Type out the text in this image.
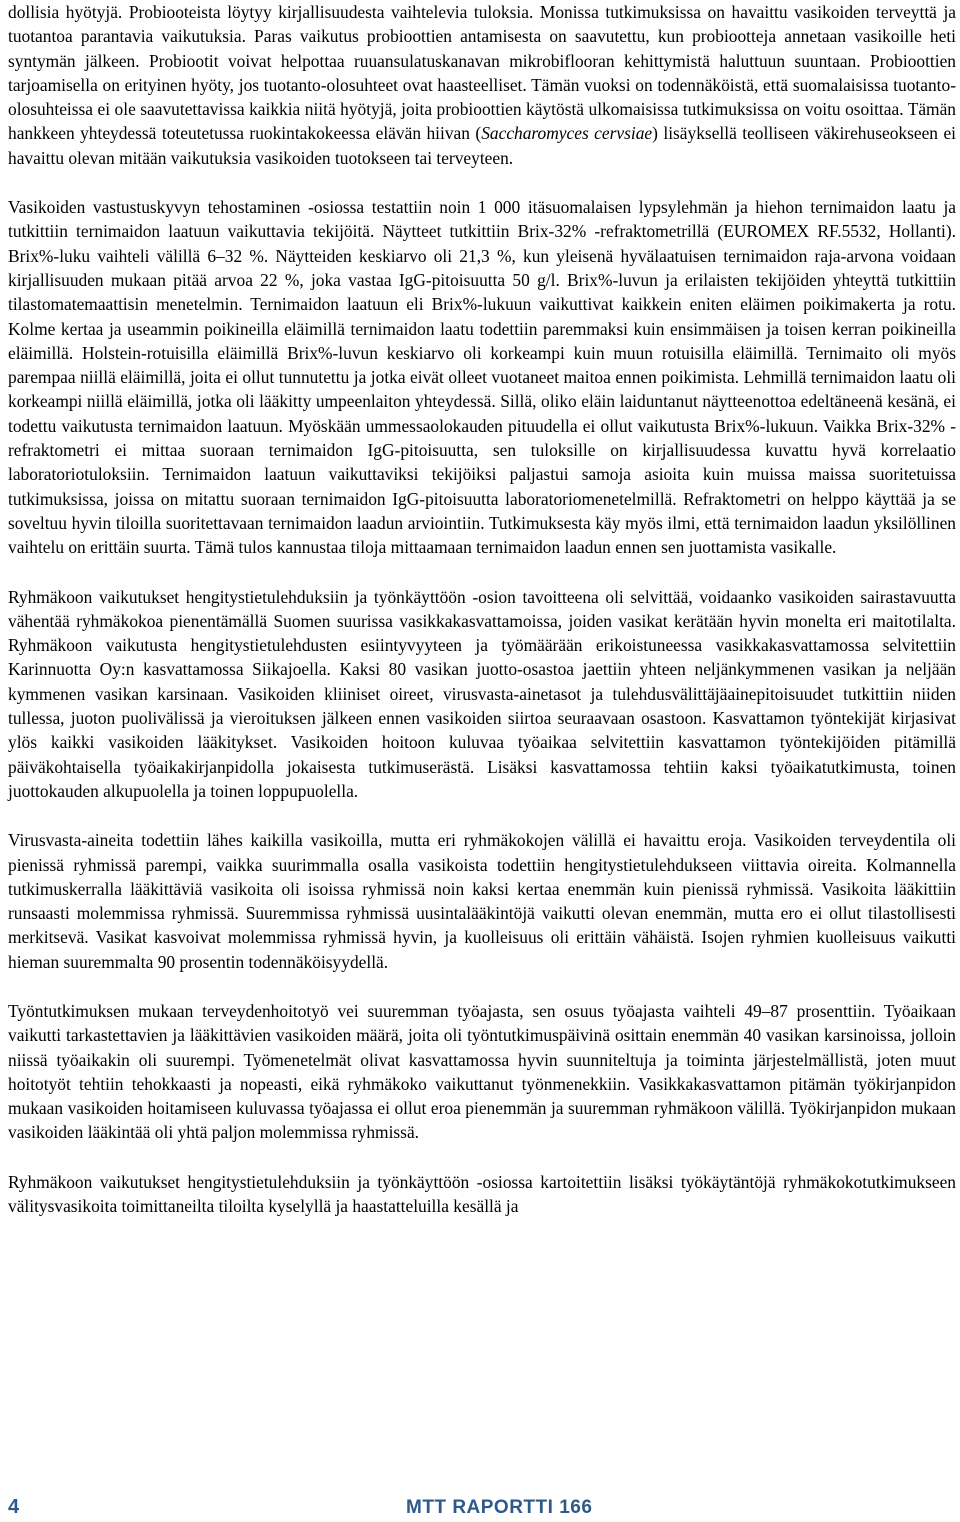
dollisia hyötyjä. Probiooteista löytyy kirjallisuudesta vaihtelevia tuloksia. Monissa tutkimuksissa on havaittu vasikoiden terveyttä ja tuotantoa parantavia vaikutuksia. Paras vaikutus probioottien antamisesta on saavutettu, kun probiootteja annetaan vasikoille heti syntymän jälkeen. Probiootit voivat helpottaa ruuansulatuskanavan mikrobiflooran kehittymistä haluttuun suuntaan. Probioottien tarjoamisella on erityinen hyöty, jos tuotanto-olosuhteet ovat haasteelliset. Tämän vuoksi on todennäköistä, että suomalaisissa tuotanto-olosuhteissa ei ole saavutettavissa kaikkia niitä hyötyjä, joita probioottien käytöstä ulkomaisissa tutkimuksissa on voitu osoittaa. Tämän hankkeen yhteydessä toteutetussa ruokintakokeessa elävän hiivan (Saccharomyces cervsiae) lisäyksellä teolliseen väkirehuseokseen ei havaittu olevan mitään vaikutuksia vasikoiden tuotokseen tai terveyteen.

Vasikoiden vastustuskyvyn tehostaminen -osiossa testattiin noin 1 000 itäsuomalaisen lypsylehmän ja hiehon ternimaidon laatu ja tutkittiin ternimaidon laatuun vaikuttavia tekijöitä. Näytteet tutkittiin Brix-32% -refraktometrillä (EUROMEX RF.5532, Hollanti). Brix%-luku vaihteli välillä 6–32 %. Näytteiden keskiarvo oli 21,3 %, kun yleisenä hyvälaatuisen ternimaidon raja-arvona voidaan kirjallisuuden mukaan pitää arvoa 22 %, joka vastaa IgG-pitoisuutta 50 g/l. Brix%-luvun ja erilaisten tekijöiden yhteyttä tutkittiin tilastomatemaattisin menetelmin. Ternimaidon laatuun eli Brix%-lukuun vaikuttivat kaikkein eniten eläimen poikimakerta ja rotu. Kolme kertaa ja useammin poikineilla eläimillä ternimaidon laatu todettiin paremmaksi kuin ensimmäisen ja toisen kerran poikineilla eläimillä. Holstein-rotuisilla eläimillä Brix%-luvun keskiarvo oli korkeampi kuin muun rotuisilla eläimillä. Ternimaito oli myös parempaa niillä eläimillä, joita ei ollut tunnutettu ja jotka eivät olleet vuotaneet maitoa ennen poikimista. Lehmillä ternimaidon laatu oli korkeampi niillä eläimillä, jotka oli lääkitty umpeenlaiton yhteydessä. Sillä, oliko eläin laiduntanut näytteenottoa edeltäneenä kesänä, ei todettu vaikutusta ternimaidon laatuun. Myöskään ummessaolokauden pituudella ei ollut vaikutusta Brix%-lukuun. Vaikka Brix-32% -refraktometri ei mittaa suoraan ternimaidon IgG-pitoisuutta, sen tuloksille on kirjallisuudessa kuvattu hyvä korrelaatio laboratoriotuloksiin. Ternimaidon laatuun vaikuttaviksi tekijöiksi paljastui samoja asioita kuin muissa maissa suoritetuissa tutkimuksissa, joissa on mitattu suoraan ternimaidon IgG-pitoisuutta laboratoriomenetelmillä. Refraktometri on helppo käyttää ja se soveltuu hyvin tiloilla suoritettavaan ternimaidon laadun arviointiin. Tutkimuksesta käy myös ilmi, että ternimaidon laadun yksilöllinen vaihtelu on erittäin suurta. Tämä tulos kannustaa tiloja mittaamaan ternimaidon laadun ennen sen juottamista vasikalle.

Ryhmäkoon vaikutukset hengitystietulehduksiin ja työnkäyttöön -osion tavoitteena oli selvittää, voidaanko vasikoiden sairastavuutta vähentää ryhmäkokoa pienentämällä Suomen suurissa vasikkakasvattamoissa, joiden vasikat kerätään hyvin monelta eri maitotilalta. Ryhmäkoon vaikutusta hengitystietulehdusten esiintyvyyteen ja työmäärään erikoistuneessa vasikkakasvattamossa selvitettiin Karinnuotta Oy:n kasvattamossa Siikajoella. Kaksi 80 vasikan juotto-osastoa jaettiin yhteen neljänkymmenen vasikan ja neljään kymmenen vasikan karsinaan. Vasikoiden kliiniset oireet, virusvasta-ainetasot ja tulehdusvälittäjäainepitoisuudet tutkittiin niiden tullessa, juoton puolivälissä ja vieroituksen jälkeen ennen vasikoiden siirtoa seuraavaan osastoon. Kasvattamon työntekijät kirjasivat ylös kaikki vasikoiden lääkitykset. Vasikoiden hoitoon kuluvaa työaikaa selvitettiin kasvattamon työntekijöiden pitämillä päiväkohtaisella työaikakirjanpidolla jokaisesta tutkimuserästä. Lisäksi kasvattamossa tehtiin kaksi työaikatutkimusta, toinen juottokauden alkupuolella ja toinen loppupuolella.

Virusvasta-aineita todettiin lähes kaikilla vasikoilla, mutta eri ryhmäkokojen välillä ei havaittu eroja. Vasikoiden terveydentila oli pienissä ryhmissä parempi, vaikka suurimmalla osalla vasikoista todettiin hengitystietulehdukseen viittavia oireita. Kolmannella tutkimuskerralla lääkittäviä vasikoita oli isoissa ryhmissä noin kaksi kertaa enemmän kuin pienissä ryhmissä. Vasikoita lääkittiin runsaasti molemmissa ryhmissä. Suuremmissa ryhmissä uusintalääkintöjä vaikutti olevan enemmän, mutta ero ei ollut tilastollisesti merkitsevä. Vasikat kasvoivat molemmissa ryhmissä hyvin, ja kuolleisuus oli erittäin vähäistä. Isojen ryhmien kuolleisuus vaikutti hieman suuremmalta 90 prosentin todennäköisyydellä.

Työntutkimuksen mukaan terveydenhoitotyö vei suuremman työajasta, sen osuus työajasta vaihteli 49–87 prosenttiin. Työaikaan vaikutti tarkastettavien ja lääkittävien vasikoiden määrä, joita oli työntutkimuspäivinä osittain enemmän 40 vasikan karsinoissa, jolloin niissä työaikakin oli suurempi. Työmenetelmät olivat kasvattamossa hyvin suunniteltuja ja toiminta järjestelmällistä, joten muut hoitotyöt tehtiin tehokkaasti ja nopeasti, eikä ryhmäkoko vaikuttanut työnmenekkiin. Vasikkakasvattamon pitämän työkirjanpidon mukaan vasikoiden hoitamiseen kuluvassa työajassa ei ollut eroa pienemmän ja suuremman ryhmäkoon välillä. Työkirjanpidon mukaan vasikoiden lääkintää oli yhtä paljon molemmissa ryhmissä.

Ryhmäkoon vaikutukset hengitystietulehduksiin ja työnkäyttöön -osiossa kartoitettiin lisäksi työkäytäntöjä ryhmäkokotutkimukseen välitysvasikoita toimittaneilta tiloilta kyselyllä ja haastatteluilla kesällä ja

4	MTT RAPORTTI 166
